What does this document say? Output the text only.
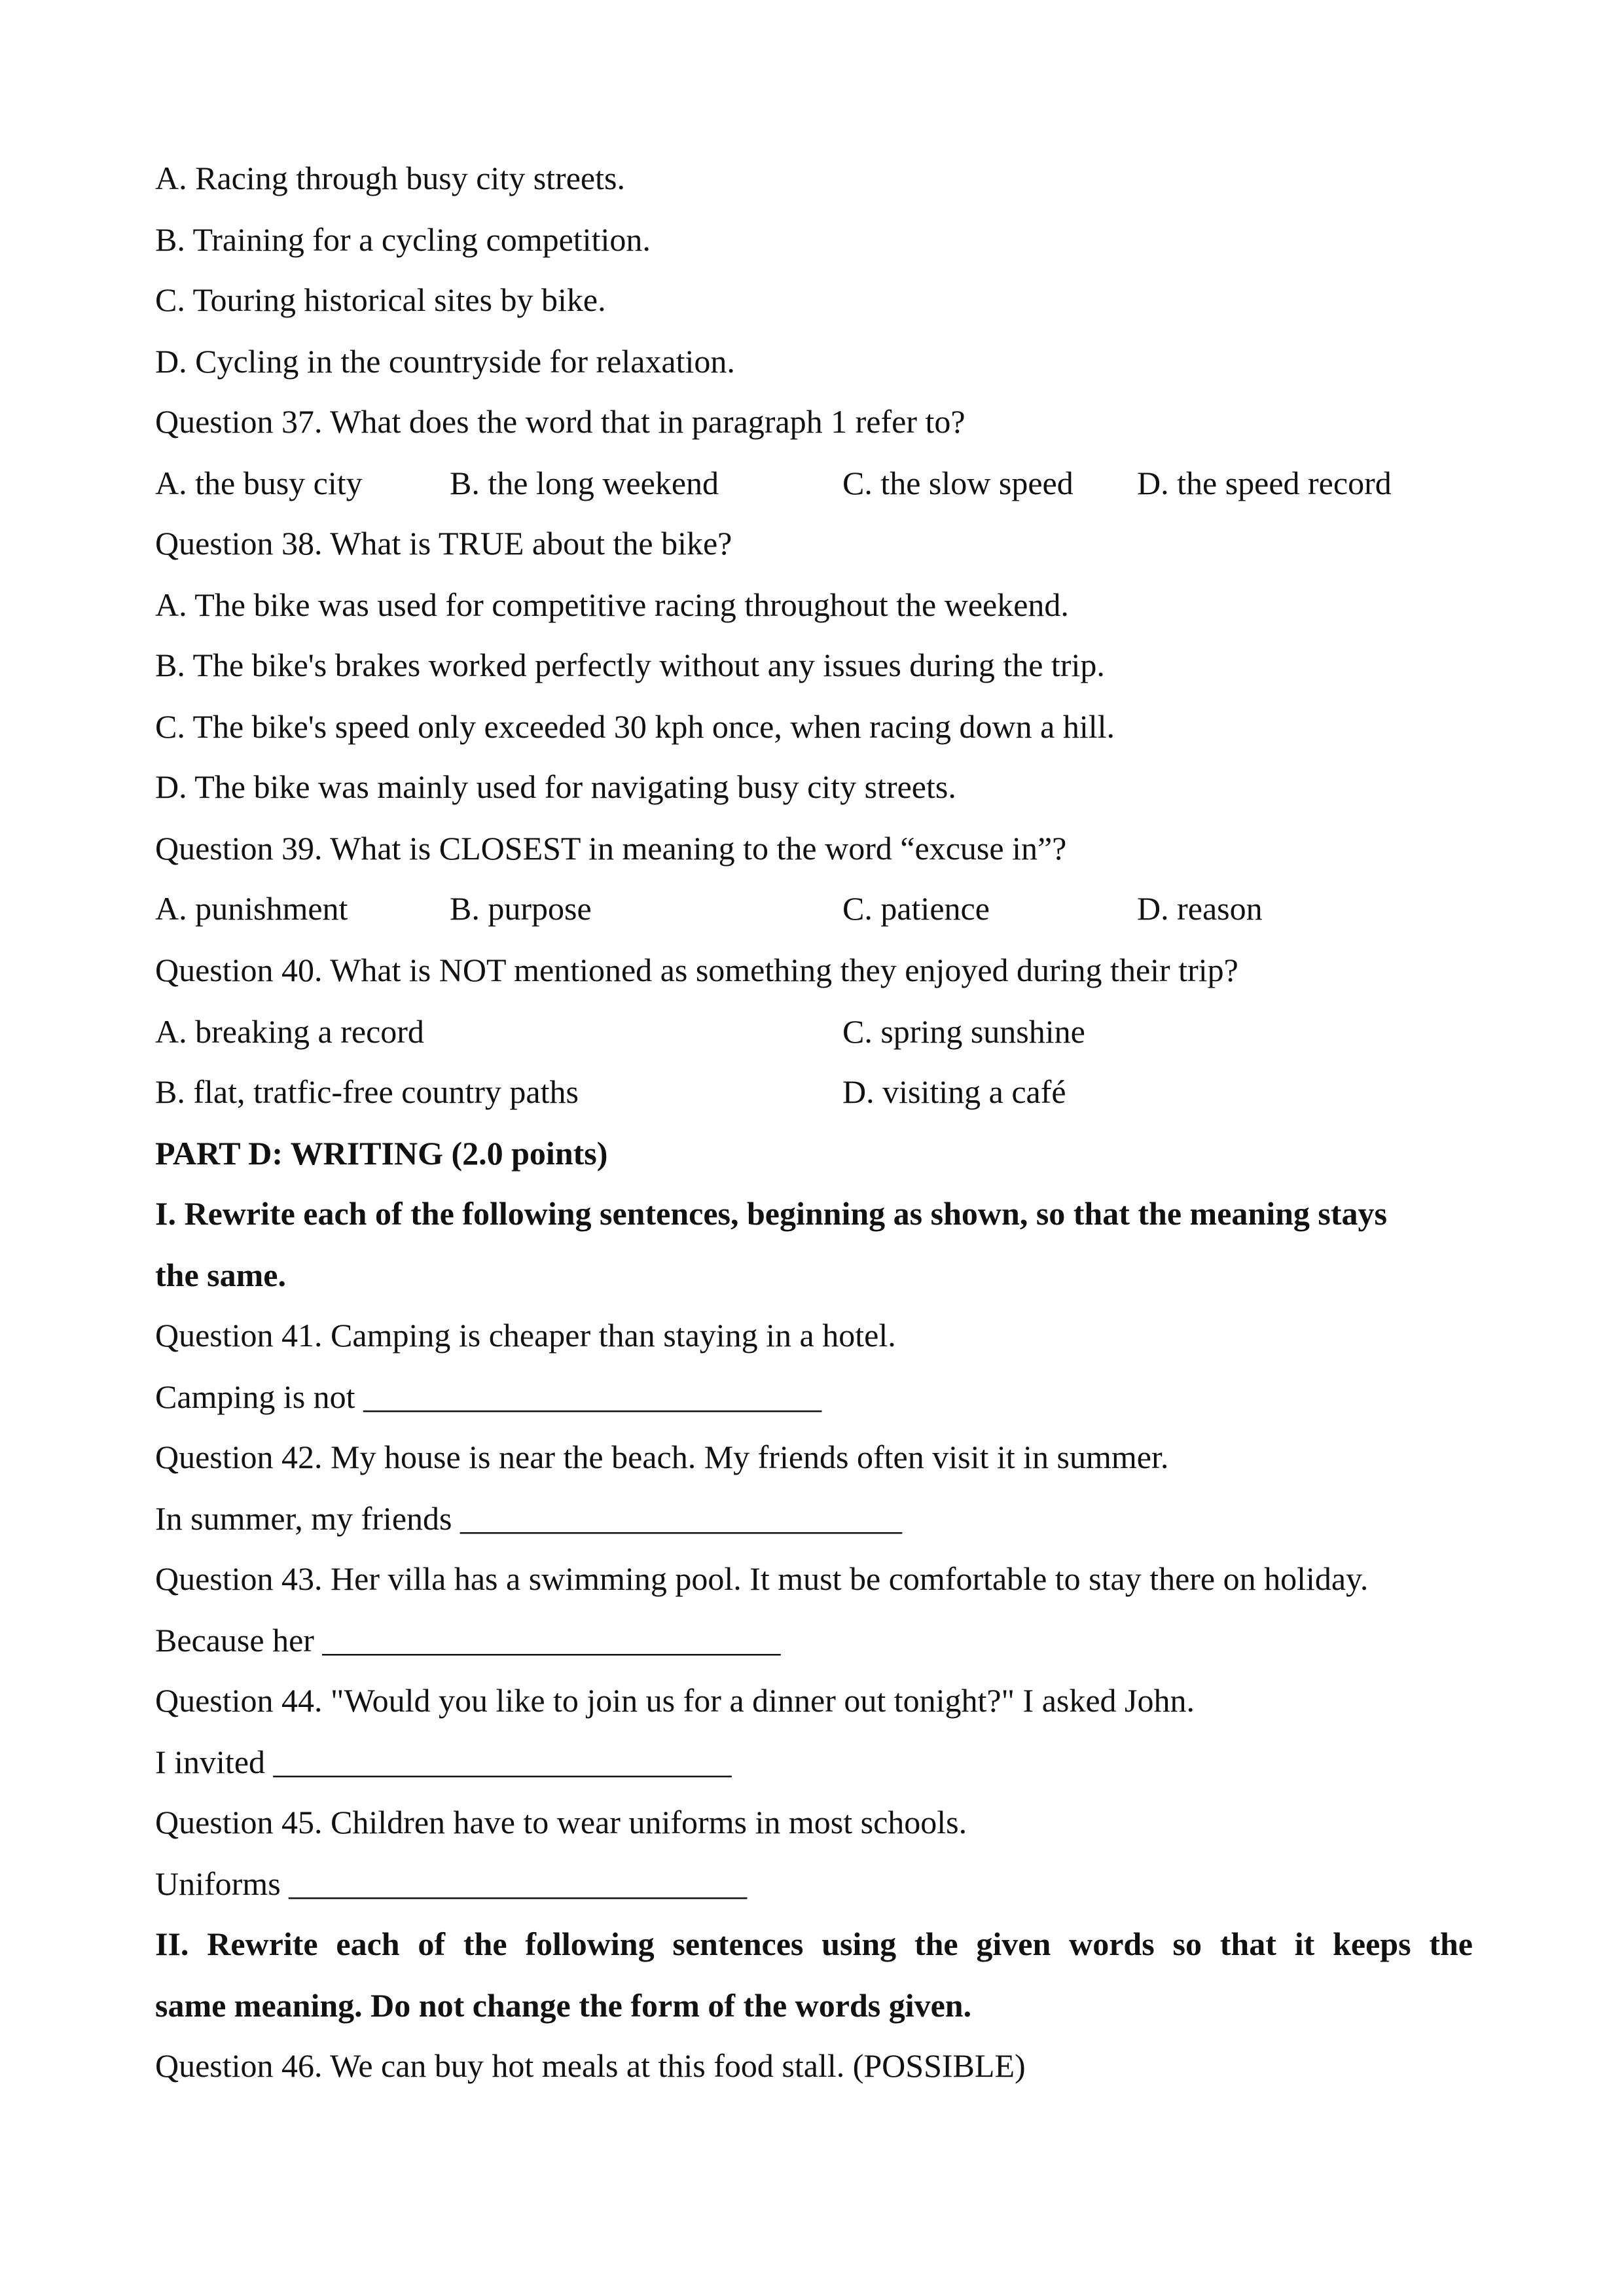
A. Racing through busy city streets.
B. Training for a cycling competition.
C. Touring historical sites by bike.
D. Cycling in the countryside for relaxation.
Question 37. What does the word that in paragraph 1 refer to?
A. the busy city	B. the long weekend	C. the slow speed D. the speed record
Question 38. What is TRUE about the bike?
A. The bike was used for competitive racing throughout the weekend.
B. The bike's brakes worked perfectly without any issues during the trip.
C. The bike's speed only exceeded 30 kph once, when racing down a hill.
D. The bike was mainly used for navigating busy city streets.
Question 39. What is CLOSEST in meaning to the word “excuse in”?
A. punishment	B. purpose	C. patience	D. reason
Question 40. What is NOT mentioned as something they enjoyed during their trip?
A. breaking a record	C. spring sunshine
B. flat, tratfic-free country paths	D. visiting a café
PART D: WRITING (2.0 points)
I. Rewrite each of the following sentences, beginning as shown, so that the meaning stays
the same.
Question 41. Camping is cheaper than staying in a hotel.
Camping is not ____________________________
Question 42. My house is near the beach. My friends often visit it in summer.
In summer, my friends ___________________________
Question 43. Her villa has a swimming pool. It must be comfortable to stay there on holiday.
Because her ____________________________
Question 44. "Would you like to join us for a dinner out tonight?" I asked John.
I invited ____________________________
Question 45. Children have to wear uniforms in most schools.
Uniforms ____________________________
II. Rewrite each of the following sentences using the given words so that it keeps the
same meaning. Do not change the form of the words given.
Question 46. We can buy hot meals at this food stall. (POSSIBLE)
